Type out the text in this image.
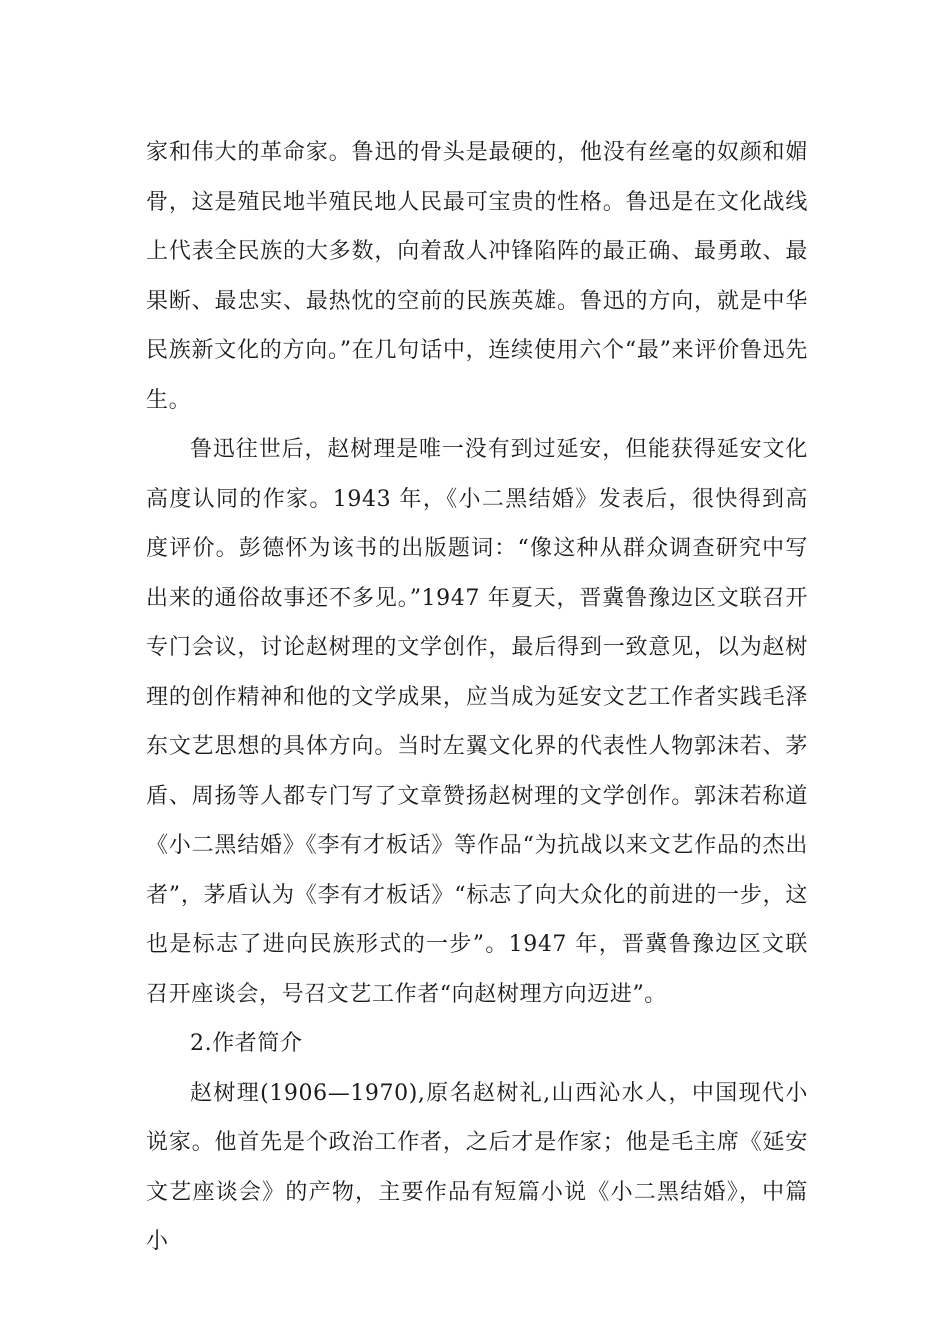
家和伟大的革命家。鲁迅的骨头是最硬的，他没有丝毫的奴颜和媚骨，这是殖民地半殖民地人民最可宝贵的性格。鲁迅是在文化战线上代表全民族的大多数，向着敌人冲锋陷阵的最正确、最勇敢、最果断、最忠实、最热忱的空前的民族英雄。鲁迅的方向，就是中华民族新文化的方向。”在几句话中，连续使用六个“最”来评价鲁迅先生。

鲁迅往世后，赵树理是唯一没有到过延安，但能获得延安文化高度认同的作家。1943 年，《小二黑结婚》发表后，很快得到高度评价。彭德怀为该书的出版题词：“像这种从群众调查研究中写出来的通俗故事还不多见。”1947 年夏天，晋冀鲁豫边区文联召开专门会议，讨论赵树理的文学创作，最后得到一致意见，以为赵树理的创作精神和他的文学成果，应当成为延安文艺工作者实践毛泽东文艺思想的具体方向。当时左翼文化界的代表性人物郭沫若、茅盾、周扬等人都专门写了文章赞扬赵树理的文学创作。郭沫若称道《小二黑结婚》《李有才板话》等作品“为抗战以来文艺作品的杰出者”，茅盾认为《李有才板话》“标志了向大众化的前进的一步，这也是标志了进向民族形式的一步”。1947 年，晋冀鲁豫边区文联召开座谈会，号召文艺工作者“向赵树理方向迈进”。

2.作者简介

赵树理(1906—1970),原名赵树礼,山西沁水人，中国现代小说家。他首先是个政治工作者，之后才是作家；他是毛主席《延安文艺座谈会》的产物，主要作品有短篇小说《小二黑结婚》，中篇小
